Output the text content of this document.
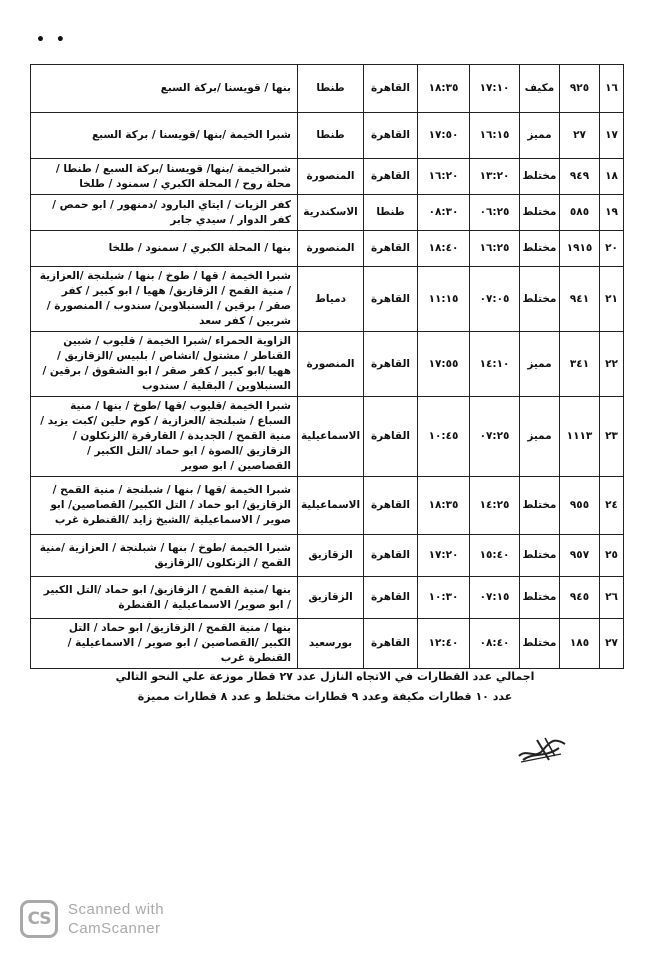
• •
١٦	٩٢٥	مكيف	١٧:١٠	١٨:٣٥	القاهرة	طنطا	بنها / قويسنا /بركة السبع
١٧	٢٧	مميز	١٦:١٥	١٧:٥٠	القاهرة	طنطا	شبرا الخيمة /بنها /قويسنا / بركة السبع
١٨	٩٤٩	مختلط	١٣:٢٠	١٦:٢٠	القاهرة	المنصورة	شبرالخيمة /بنها/ قويسنا /بركة السبع / طنطا /محلة روح / المحلة الكبري / سمنود / طلخا
١٩	٥٨٥	مختلط	٠٦:٢٥	٠٨:٣٠	طنطا	الاسكندرية	كفر الزيات / ايتاي البارود /دمنهور / ابو حمص / كفر الدوار / سيدي جابر
٢٠	١٩١٥	مختلط	١٦:٢٥	١٨:٤٠	القاهرة	المنصورة	بنها / المحلة الكبري / سمنود / طلخا
٢١	٩٤١	مختلط	٠٧:٠٥	١١:١٥	القاهرة	دمياط	شبرا الخيمة / قها / طوخ / بنها / شبلنجة /العزازية / منية القمح / الزقازيق/ ههيا / ابو كبير / كفر صقر / برقين / السنبلاوين/ سندوب / المنصورة / شربين / كفر سعد
٢٢	٣٤١	مميز	١٤:١٠	١٧:٥٥	القاهرة	المنصورة	الزاوية الحمراء /شبرا الخيمة / قليوب / شبين القناطر / مشتول /انشاص / بلبيس /الزقازيق /ههيا /ابو كبير / كفر صقر / ابو الشقوق / برقين / السنبلاوين / البقلية / سندوب
٢٣	١١١٣	مميز	٠٧:٢٥	١٠:٤٥	القاهرة	الاسماعيلية	شبرا الخيمة /قليوب /قها /طوخ / بنها / منية السباع / شبلنجة /العزازية / كوم حلين /كبت يزيد /منية القمح / الجديدة / القارقرة /الزنكلون / الزقازيق /الصوة / ابو حماد /التل الكبير / القصاصين / ابو صوير
٢٤	٩٥٥	مختلط	١٤:٢٥	١٨:٣٥	القاهرة	الاسماعيلية	شبرا الخيمة /قها / بنها / شبلنجة / منية القمح /الزقازيق/ ابو حماد / التل الكبير/ القصاصين/ ابو صوير / الاسماعيلية /الشيخ زايد /القنطرة غرب
٢٥	٩٥٧	مختلط	١٥:٤٠	١٧:٢٠	القاهرة	الزقازيق	شبرا الخيمة /طوخ / بنها / شبلنجة / العزازية /منية القمح / الزنكلون /الزقازيق
٢٦	٩٤٥	مختلط	٠٧:١٥	١٠:٣٠	القاهرة	الزقازيق	بنها /منية القمح / الزقازيق/ ابو حماد /التل الكبير / ابو صوير/ الاسماعيلية / القنطرة
٢٧	١٨٥	مختلط	٠٨:٤٠	١٢:٤٠	القاهرة	بورسعيد	بنها / منية القمح / الزقازيق/ ابو حماد / التل الكبير /القصاصين / ابو صوير / الاسماعيلية / القنطرة غرب
اجمالي عدد القطارات في الاتجاه النازل عدد ٢٧ قطار موزعة علي النحو التالي
عدد ١٠ قطارات مكيفة وعدد ٩ قطارات مختلط و عدد ٨ قطارات مميزة
CS	Scanned with
CamScanner
